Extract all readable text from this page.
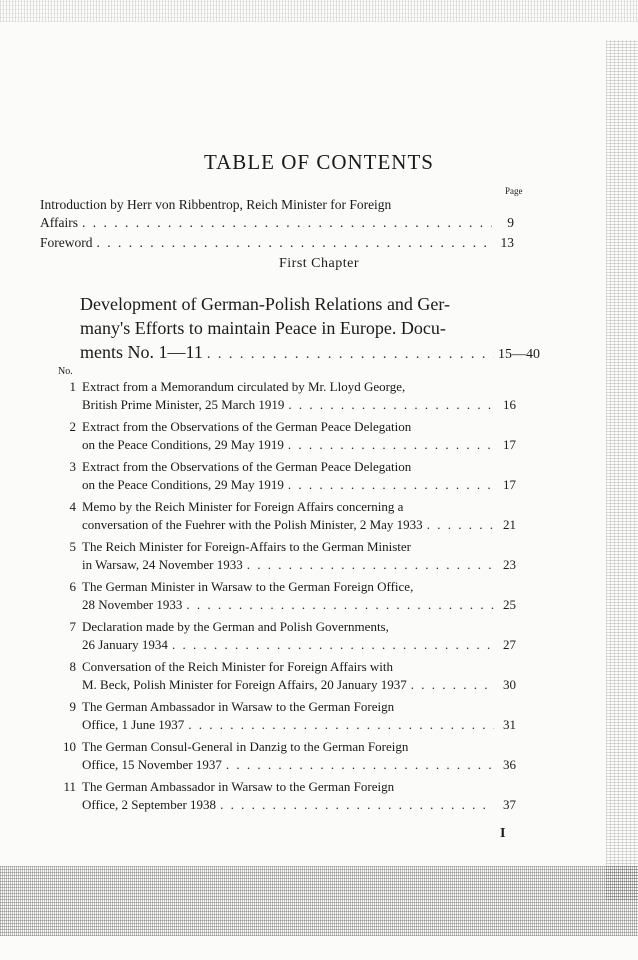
TABLE OF CONTENTS
Page
Introduction by Herr von Ribbentrop, Reich Minister for Foreign
Affairs . . .	9
Foreword . . .	13
First Chapter
Development of German-Polish Relations and Ger-
many's Efforts to maintain Peace in Europe. Docu-
ments No. 1—11 . . .	15—40
No.
1 Extract from a Memorandum circulated by Mr. Lloyd George,
British Prime Minister, 25 March 1919 . . .	16
2 Extract from the Observations of the German Peace Delegation
on the Peace Conditions, 29 May 1919 . . .	17
3 Extract from the Observations of the German Peace Delegation
on the Peace Conditions, 29 May 1919 . . .	17
4 Memo by the Reich Minister for Foreign Affairs concerning a
conversation of the Fuehrer with the Polish Minister, 2 May 1933 . . .	21
5 The Reich Minister for Foreign-Affairs to the German Minister
in Warsaw, 24 November 1933 . . .	23
6 The German Minister in Warsaw to the German Foreign Office,
28 November 1933 . . .	25
7 Declaration made by the German and Polish Governments,
26 January 1934 . . .	27
8 Conversation of the Reich Minister for Foreign Affairs with
M. Beck, Polish Minister for Foreign Affairs, 20 January 1937 . . .	30
9 The German Ambassador in Warsaw to the German Foreign
Office, 1 June 1937 . . .	31
10 The German Consul-General in Danzig to the German Foreign
Office, 15 November 1937 . . .	36
11 The German Ambassador in Warsaw to the German Foreign
Office, 2 September 1938 . . .	37
I
